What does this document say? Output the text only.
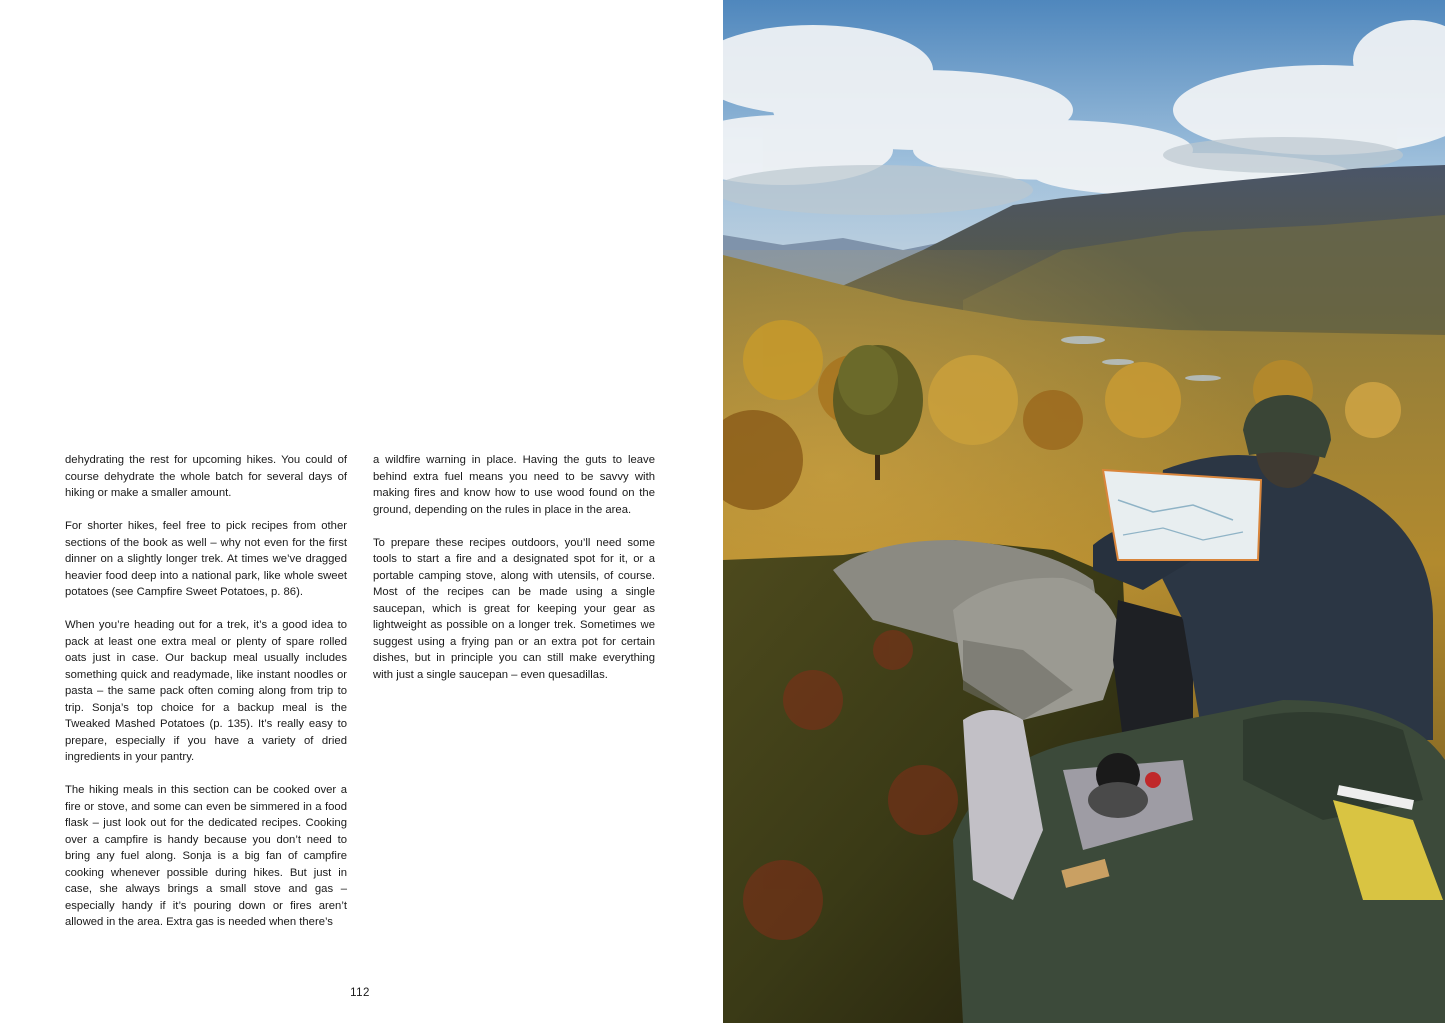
dehydrating the rest for upcoming hikes. You could of course dehydrate the whole batch for several days of hiking or make a smaller amount.

For shorter hikes, feel free to pick recipes from other sections of the book as well – why not even for the first dinner on a slightly longer trek. At times we’ve dragged heavier food deep into a national park, like whole sweet potatoes (see Campfire Sweet Potatoes, p. 86).

When you’re heading out for a trek, it’s a good idea to pack at least one extra meal or plenty of spare rolled oats just in case. Our backup meal usually includes something quick and readymade, like instant noodles or pasta – the same pack often coming along from trip to trip. Sonja’s top choice for a backup meal is the Tweaked Mashed Potatoes (p. 135). It’s really easy to prepare, especially if you have a variety of dried ingredients in your pantry.

The hiking meals in this section can be cooked over a fire or stove, and some can even be simmered in a food flask – just look out for the dedicated recipes. Cooking over a campfire is handy because you don’t need to bring any fuel along. Sonja is a big fan of campfire cooking whenever possible during hikes. But just in case, she always brings a small stove and gas – especially handy if it’s pouring down or fires aren’t allowed in the area. Extra gas is needed when there’s

a wildfire warning in place. Having the guts to leave behind extra fuel means you need to be savvy with making fires and know how to use wood found on the ground, depending on the rules in place in the area.

To prepare these recipes outdoors, you’ll need some tools to start a fire and a designated spot for it, or a portable camping stove, along with utensils, of course. Most of the recipes can be made using a single saucepan, which is great for keeping your gear as lightweight as possible on a longer trek. Sometimes we suggest using a frying pan or an extra pot for certain dishes, but in principle you can still make everything with just a single saucepan – even quesadillas.

112
